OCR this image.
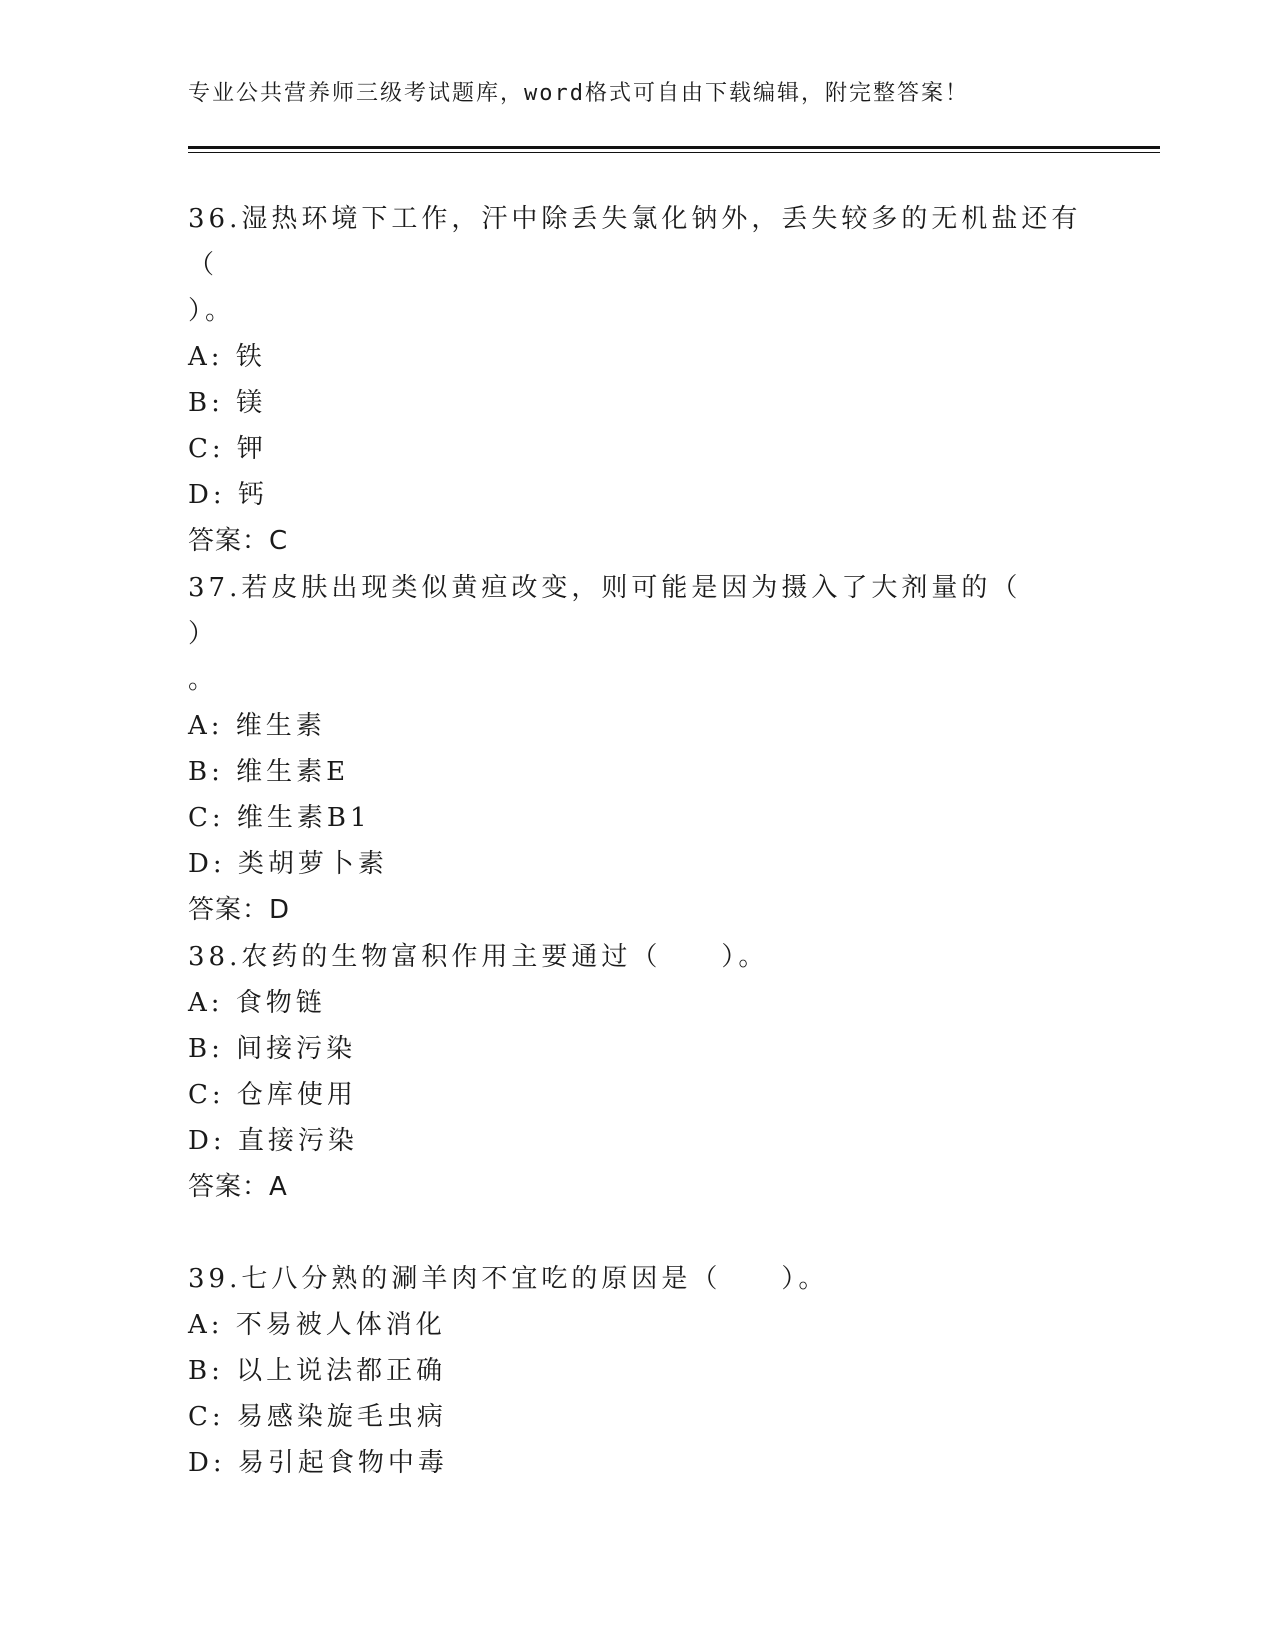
专业公共营养师三级考试题库，word格式可自由下载编辑，附完整答案！

36.湿热环境下工作，汗中除丢失氯化钠外，丢失较多的无机盐还有（

）。

A: 铁

B: 镁

C: 钾

D: 钙

答案：C

37.若皮肤出现类似黄疸改变，则可能是因为摄入了大剂量的（　　）

。

A: 维生素

B: 维生素E

C: 维生素B1

D: 类胡萝卜素

答案：D

38.农药的生物富积作用主要通过（　　）。

A: 食物链

B: 间接污染

C: 仓库使用

D: 直接污染

答案：A

39.七八分熟的涮羊肉不宜吃的原因是（　　）。

A: 不易被人体消化

B: 以上说法都正确

C: 易感染旋毛虫病

D: 易引起食物中毒
